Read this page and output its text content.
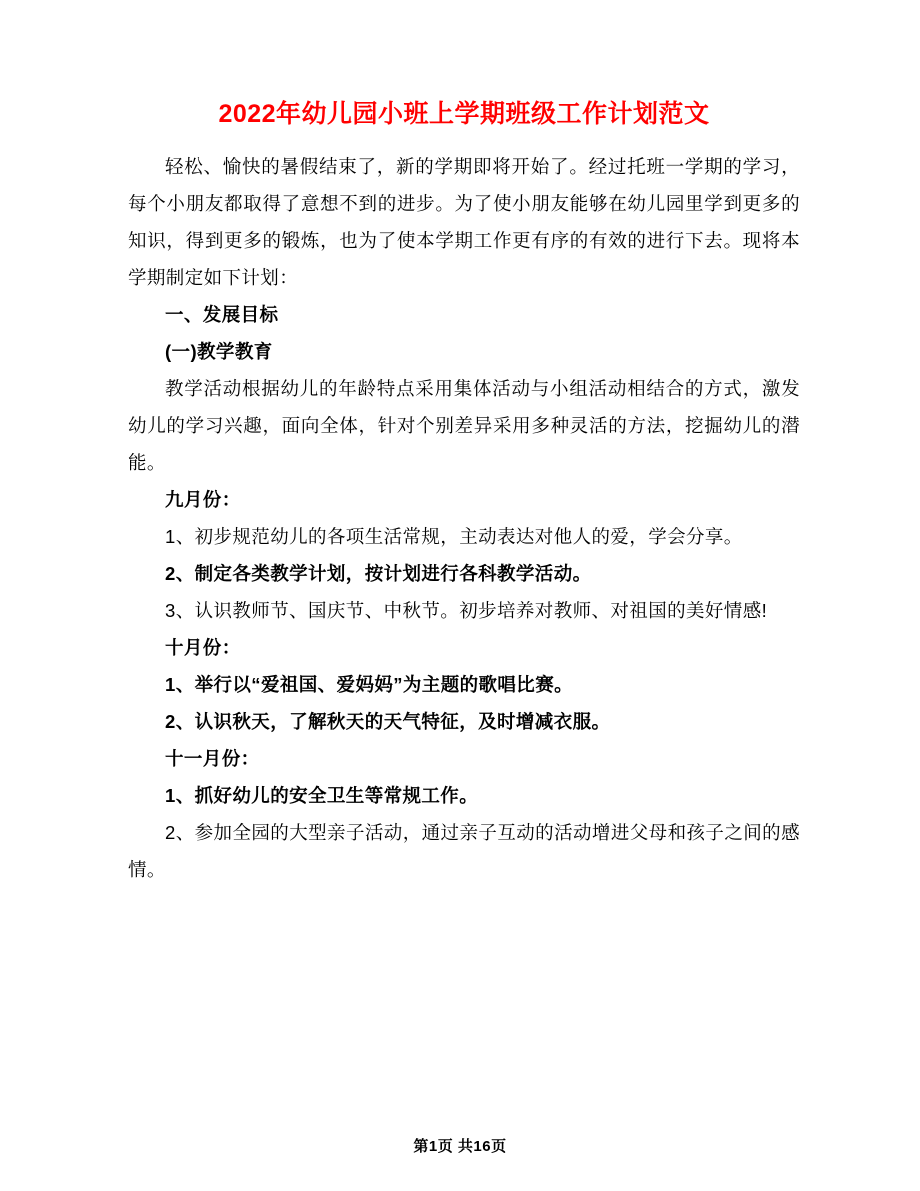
2022年幼儿园小班上学期班级工作计划范文

轻松、愉快的暑假结束了，新的学期即将开始了。经过托班一学期的学习，每个小朋友都取得了意想不到的进步。为了使小朋友能够在幼儿园里学到更多的知识，得到更多的锻炼，也为了使本学期工作更有序的有效的进行下去。现将本学期制定如下计划：

一、发展目标

(一)教学教育

教学活动根据幼儿的年龄特点采用集体活动与小组活动相结合的方式，激发幼儿的学习兴趣，面向全体，针对个别差异采用多种灵活的方法，挖掘幼儿的潜能。

九月份：

1、初步规范幼儿的各项生活常规，主动表达对他人的爱，学会分享。

2、制定各类教学计划，按计划进行各科教学活动。

3、认识教师节、国庆节、中秋节。初步培养对教师、对祖国的美好情感!

十月份：

1、举行以“爱祖国、爱妈妈”为主题的歌唱比赛。

2、认识秋天，了解秋天的天气特征，及时增减衣服。

十一月份：

1、抓好幼儿的安全卫生等常规工作。

2、参加全园的大型亲子活动，通过亲子互动的活动增进父母和孩子之间的感情。

第1页 共16页
